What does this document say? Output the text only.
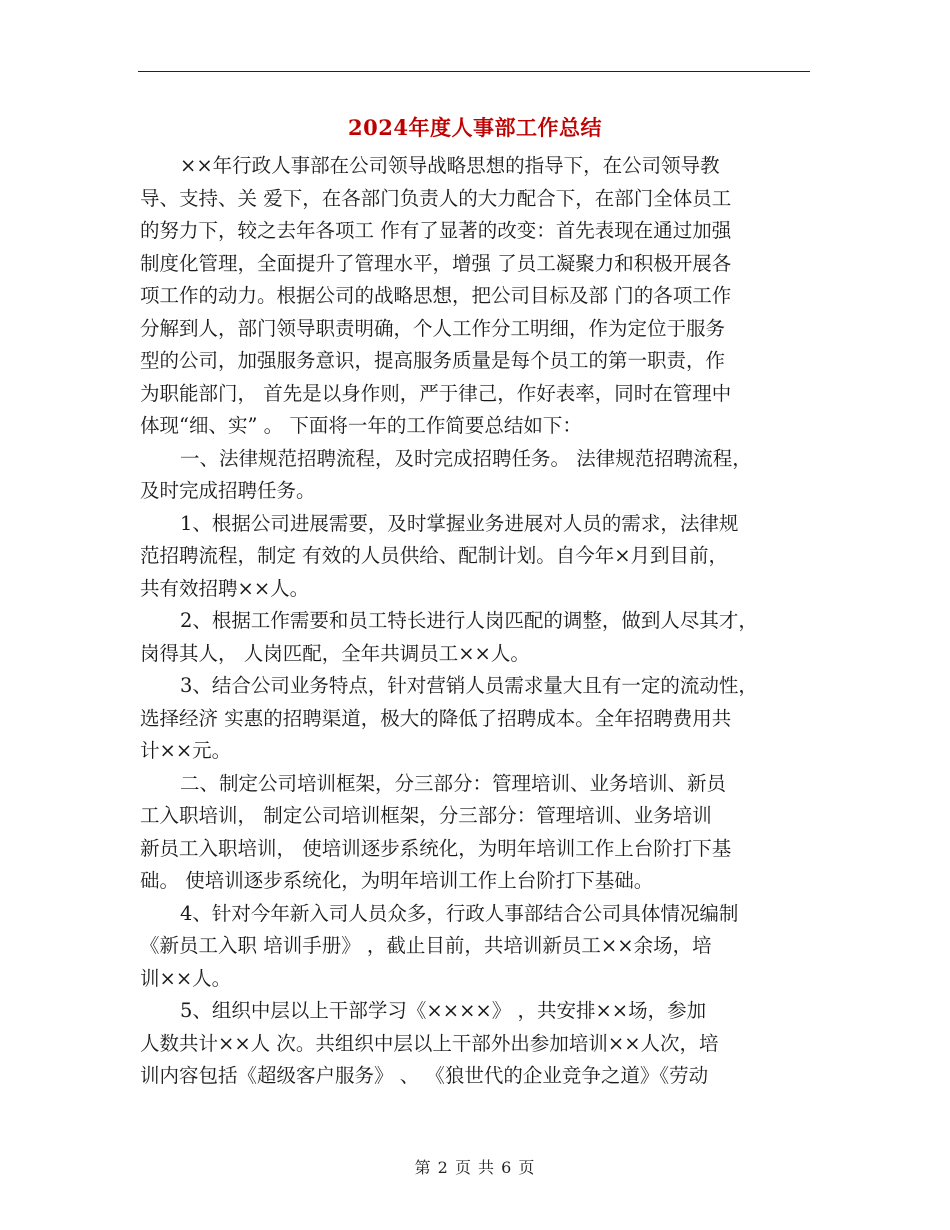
2024年度人事部工作总结
××年行政人事部在公司领导战略思想的指导下，在公司领导教
导、支持、关 爱下，在各部门负责人的大力配合下，在部门全体员工
的努力下，较之去年各项工 作有了显著的改变：首先表现在通过加强
制度化管理，全面提升了管理水平，增强 了员工凝聚力和积极开展各
项工作的动力。根据公司的战略思想，把公司目标及部 门的各项工作
分解到人，部门领导职责明确，个人工作分工明细，作为定位于服务
型的公司，加强服务意识，提高服务质量是每个员工的第一职责，作
为职能部门， 首先是以身作则，严于律己，作好表率，同时在管理中
体现“细、实” 。 下面将一年的工作简要总结如下：
一、法律规范招聘流程，及时完成招聘任务。 法律规范招聘流程，
及时完成招聘任务。
1、根据公司进展需要，及时掌握业务进展对人员的需求，法律规
范招聘流程，制定 有效的人员供给、配制计划。自今年×月到目前，
共有效招聘××人。
2、根据工作需要和员工特长进行人岗匹配的调整，做到人尽其才，
岗得其人， 人岗匹配，全年共调员工××人。
3、结合公司业务特点，针对营销人员需求量大且有一定的流动性，
选择经济 实惠的招聘渠道，极大的降低了招聘成本。全年招聘费用共
计××元。
二、制定公司培训框架，分三部分：管理培训、业务培训、新员
工入职培训， 制定公司培训框架，分三部分：管理培训、业务培训
新员工入职培训， 使培训逐步系统化，为明年培训工作上台阶打下基
础。 使培训逐步系统化，为明年培训工作上台阶打下基础。
4、针对今年新入司人员众多，行政人事部结合公司具体情况编制
《新员工入职 培训手册》 ，截止目前，共培训新员工××余场，培
训××人。
5、组织中层以上干部学习《××××》 ，共安排××场，参加
人数共计××人 次。共组织中层以上干部外出参加培训××人次，培
训内容包括《超级客户服务》 、 《狼世代的企业竞争之道》《劳动
第 2 页 共 6 页
